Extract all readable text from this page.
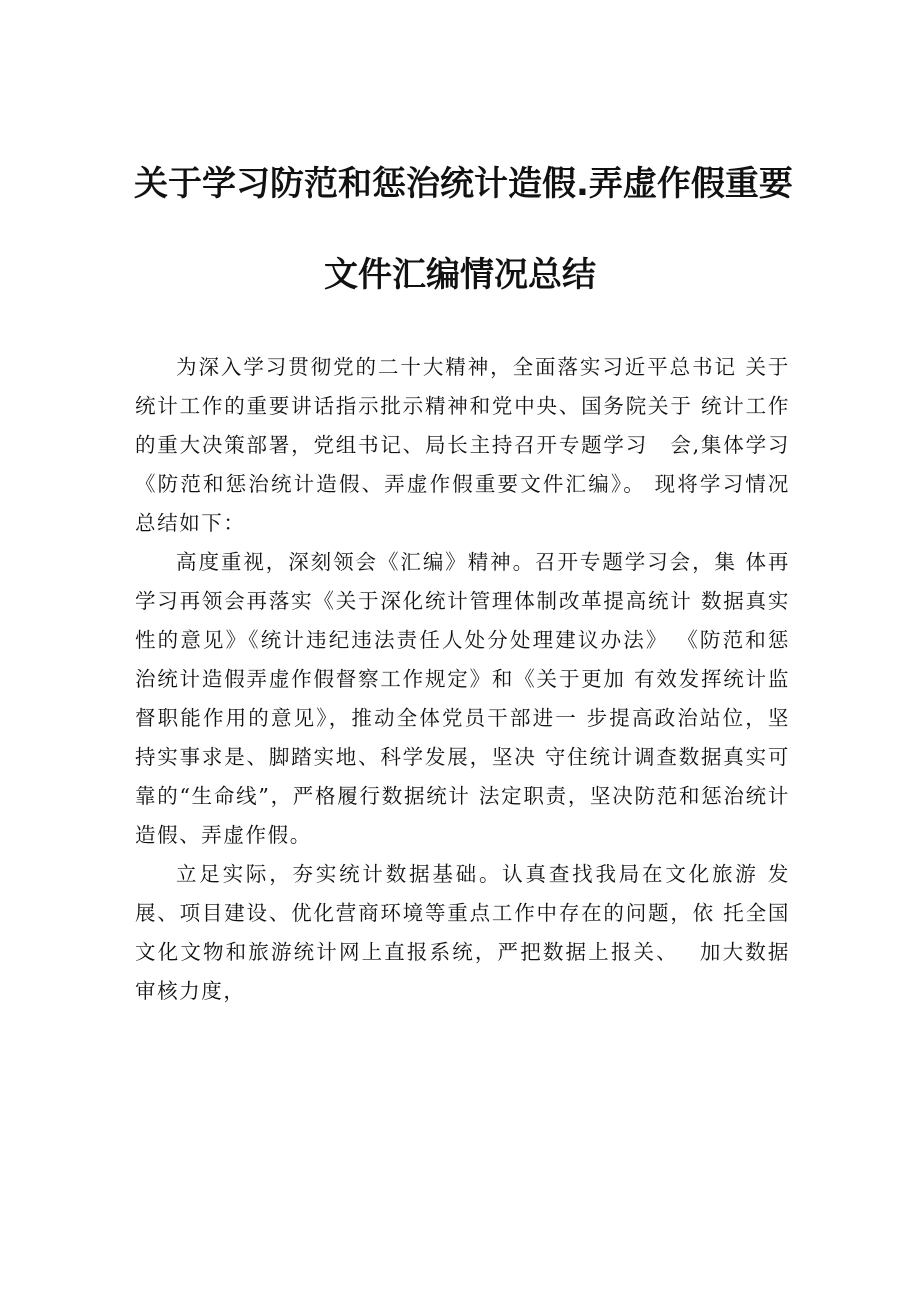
关于学习防范和惩治统计造假.弄虚作假重要
文件汇编情况总结

为深入学习贯彻党的二十大精神，全面落实习近平总书记 关于统计工作的重要讲话指示批示精神和党中央、国务院关于 统计工作的重大决策部署，党组书记、局长主持召开专题学习　会,集体学习《防范和惩治统计造假、弄虚作假重要文件汇编》。 现将学习情况总结如下：

高度重视，深刻领会《汇编》精神。召开专题学习会，集 体再学习再领会再落实《关于深化统计管理体制改革提高统计 数据真实性的意见》《统计违纪违法责任人处分处理建议办法》 《防范和惩治统计造假弄虚作假督察工作规定》和《关于更加 有效发挥统计监督职能作用的意见》，推动全体党员干部进一 步提高政治站位，坚持实事求是、脚踏实地、科学发展，坚决 守住统计调查数据真实可靠的“生命线”，严格履行数据统计 法定职责，坚决防范和惩治统计造假、弄虚作假。

立足实际，夯实统计数据基础。认真查找我局在文化旅游 发展、项目建设、优化营商环境等重点工作中存在的问题，依 托全国文化文物和旅游统计网上直报系统，严把数据上报关、　 加大数据审核力度，
